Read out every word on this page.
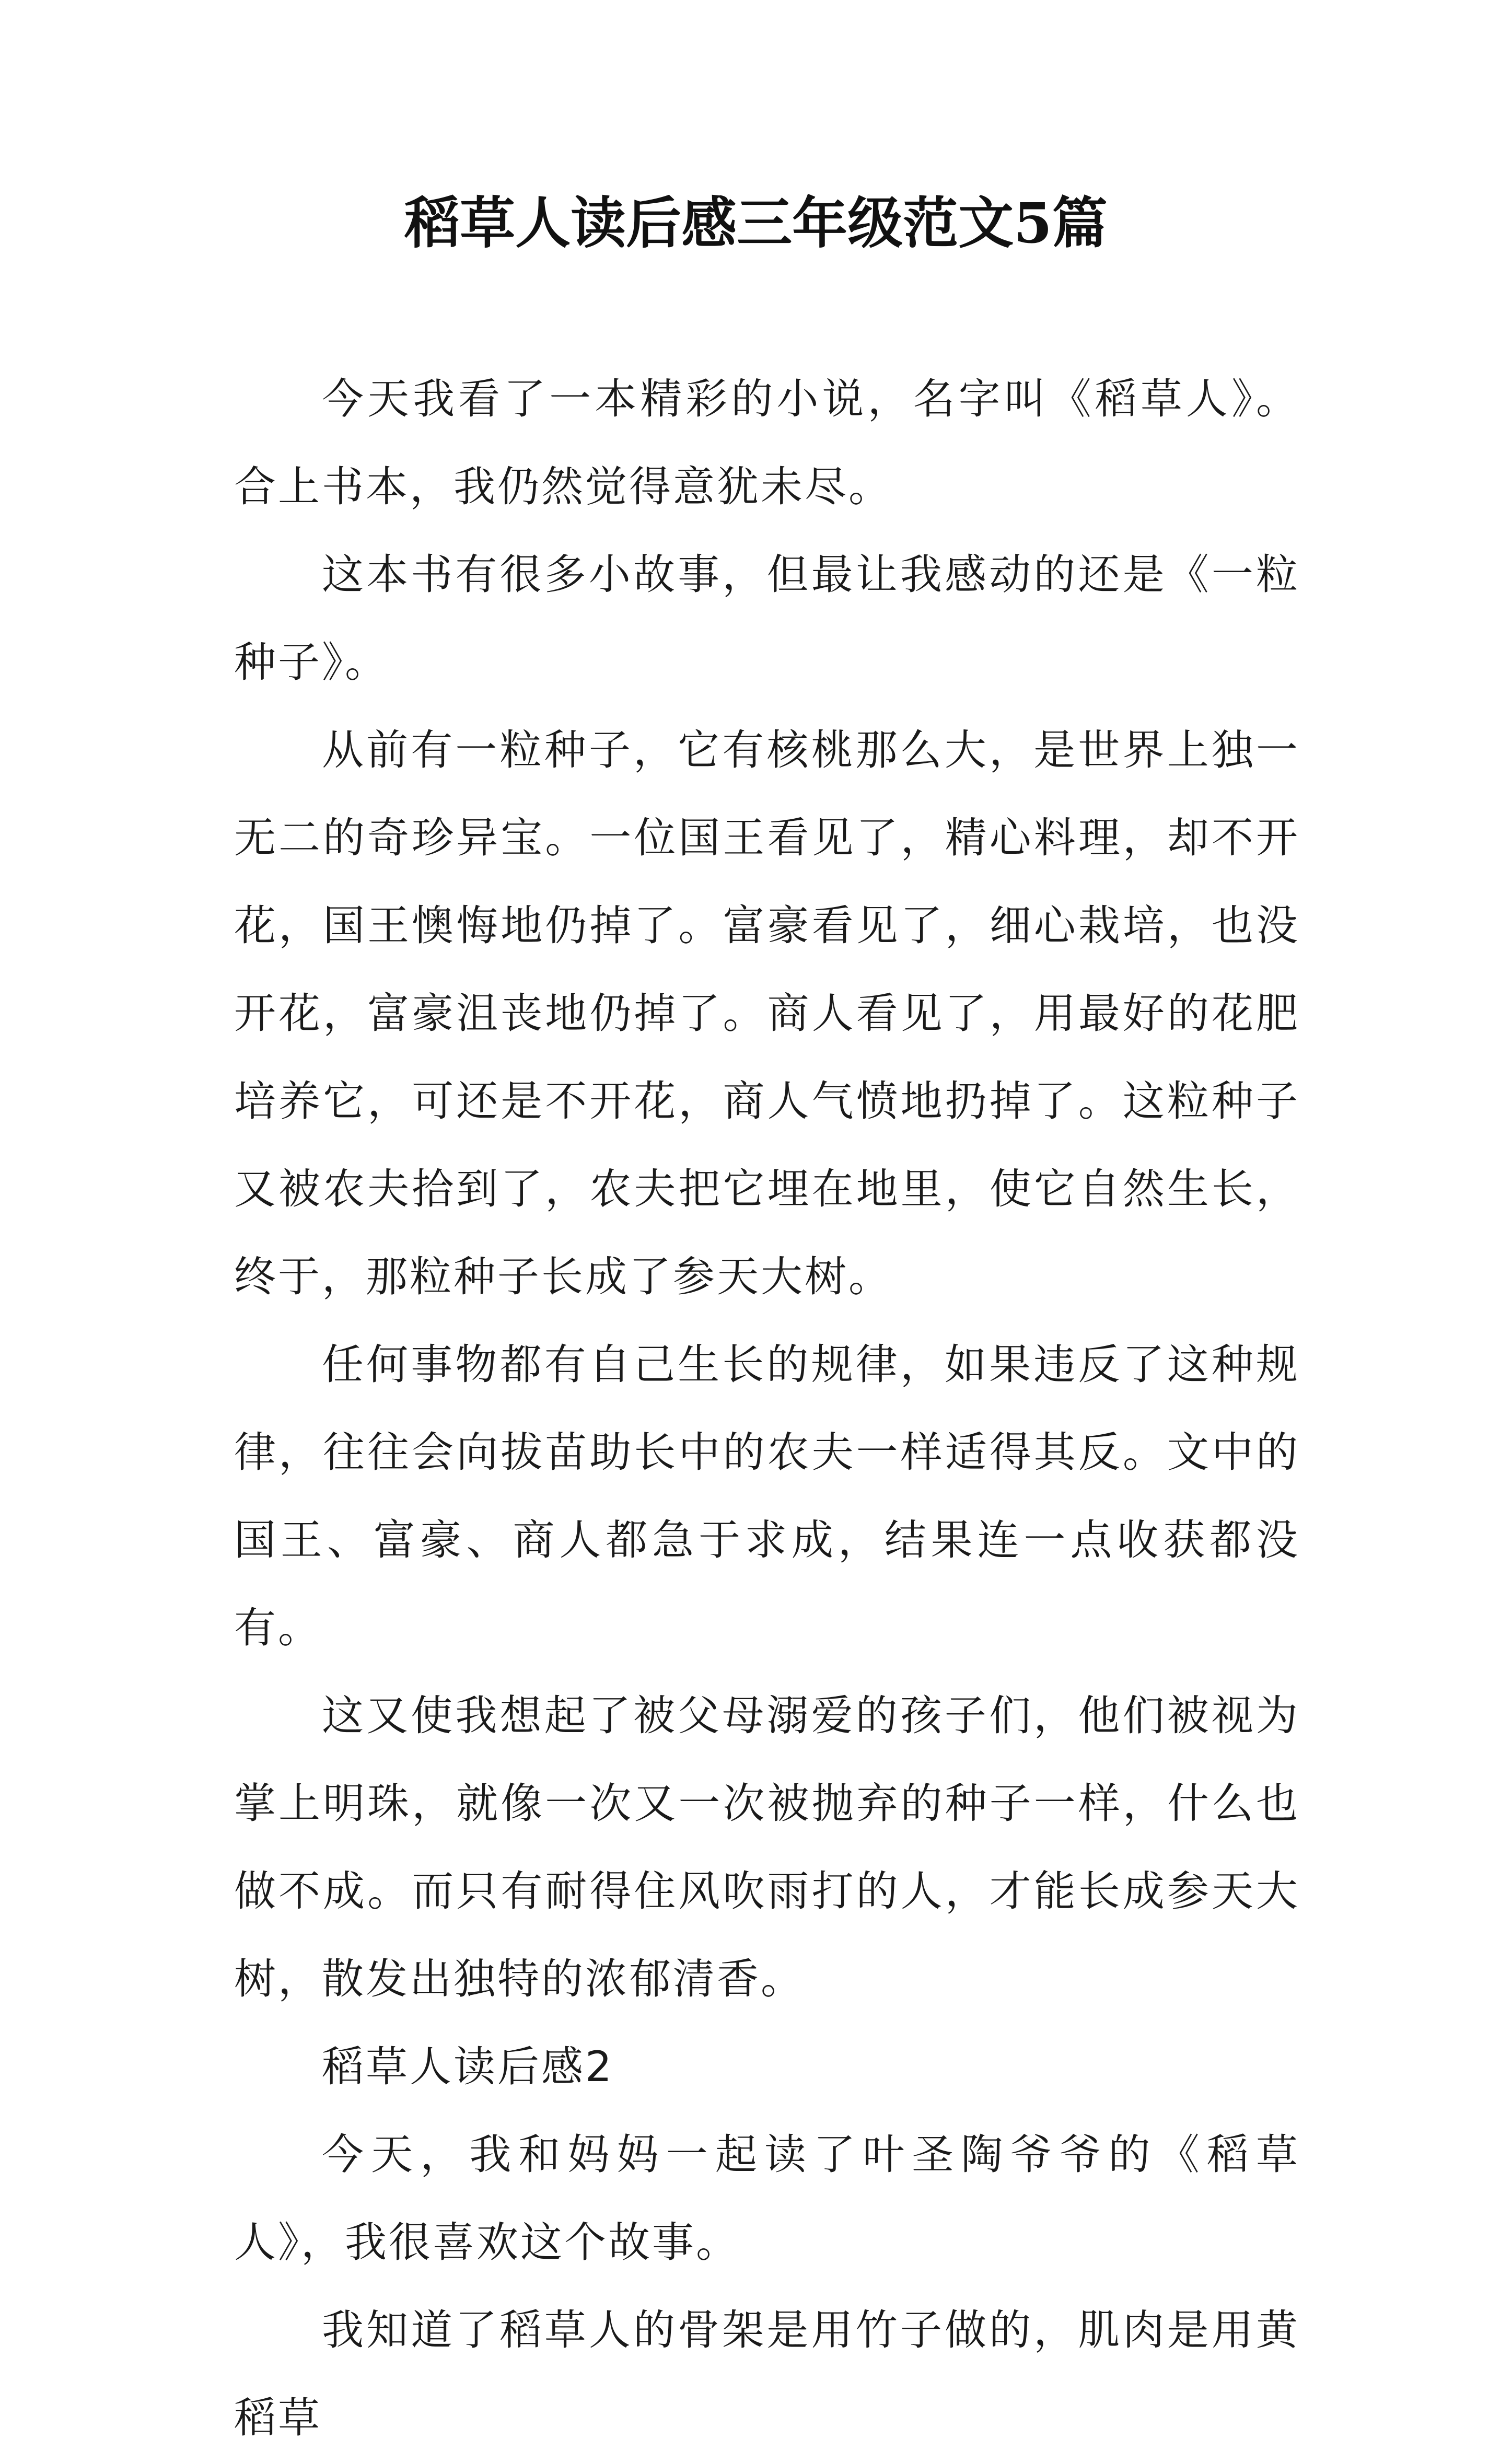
稻草人读后感三年级范文5篇

今天我看了一本精彩的小说，名字叫《稻草人》。合上书本，我仍然觉得意犹未尽。

这本书有很多小故事，但最让我感动的还是《一粒种子》。

从前有一粒种子，它有核桃那么大，是世界上独一无二的奇珍异宝。一位国王看见了，精心料理，却不开花，国王懊悔地仍掉了。富豪看见了，细心栽培，也没开花，富豪沮丧地仍掉了。商人看见了，用最好的花肥培养它，可还是不开花，商人气愤地扔掉了。这粒种子又被农夫拾到了，农夫把它埋在地里，使它自然生长，终于，那粒种子长成了参天大树。

任何事物都有自己生长的规律，如果违反了这种规律，往往会向拔苗助长中的农夫一样适得其反。文中的国王、富豪、商人都急于求成，结果连一点收获都没有。

这又使我想起了被父母溺爱的孩子们，他们被视为掌上明珠，就像一次又一次被抛弃的种子一样，什么也做不成。而只有耐得住风吹雨打的人，才能长成参天大树，散发出独特的浓郁清香。

稻草人读后感2

今天，我和妈妈一起读了叶圣陶爷爷的《稻草人》，我很喜欢这个故事。

我知道了稻草人的骨架是用竹子做的，肌肉是用黄稻草
